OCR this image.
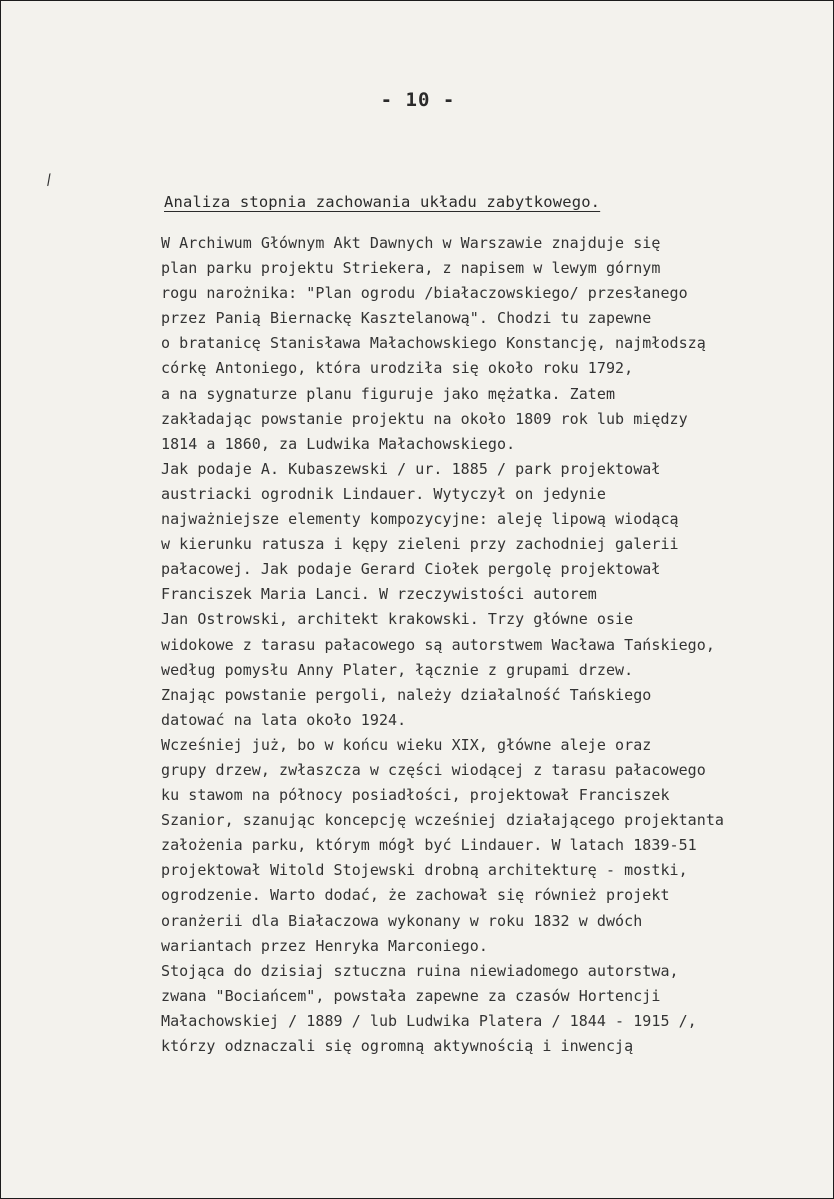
- 10 -
/
Analiza stopnia zachowania układu zabytkowego.
W Archiwum Głównym Akt Dawnych w Warszawie znajduje się
plan parku projektu Striekera, z napisem w lewym górnym
rogu narożnika: "Plan ogrodu /białaczowskiego/ przesłanego
przez Panią Biernackę Kasztelanową". Chodzi tu zapewne
o bratanicę Stanisława Małachowskiego Konstancję, najmłodszą
córkę Antoniego, która urodziła się około roku 1792,
a na sygnaturze planu figuruje jako mężatka. Zatem
zakładając powstanie projektu na około 1809 rok lub między
1814 a 1860, za Ludwika Małachowskiego.
Jak podaje A. Kubaszewski / ur. 1885 / park projektował
austriacki ogrodnik Lindauer. Wytyczył on jedynie
najważniejsze elementy kompozycyjne: aleję lipową wiodącą
w kierunku ratusza i kępy zieleni przy zachodniej galerii
pałacowej. Jak podaje Gerard Ciołek pergolę projektował
Franciszek Maria Lanci. W rzeczywistości autorem
Jan Ostrowski, architekt krakowski. Trzy główne osie
widokowe z tarasu pałacowego są autorstwem Wacława Tańskiego,
według pomysłu Anny Plater, łącznie z grupami drzew.
Znając powstanie pergoli, należy działalność Tańskiego
datować na lata około 1924.
Wcześniej już, bo w końcu wieku XIX, główne aleje oraz
grupy drzew, zwłaszcza w części wiodącej z tarasu pałacowego
ku stawom na północy posiadłości, projektował Franciszek
Szanior, szanując koncepcję wcześniej działającego projektanta
założenia parku, którym mógł być Lindauer. W latach 1839-51
projektował Witold Stojewski drobną architekturę - mostki,
ogrodzenie. Warto dodać, że zachował się również projekt
oranżerii dla Białaczowa wykonany w roku 1832 w dwóch
wariantach przez Henryka Marconiego.
Stojąca do dzisiaj sztuczna ruina niewiadomego autorstwa,
zwana "Bociańcem", powstała zapewne za czasów Hortencji
Małachowskiej / 1889 / lub Ludwika Platera / 1844 - 1915 /,
którzy odznaczali się ogromną aktywnością i inwencją
